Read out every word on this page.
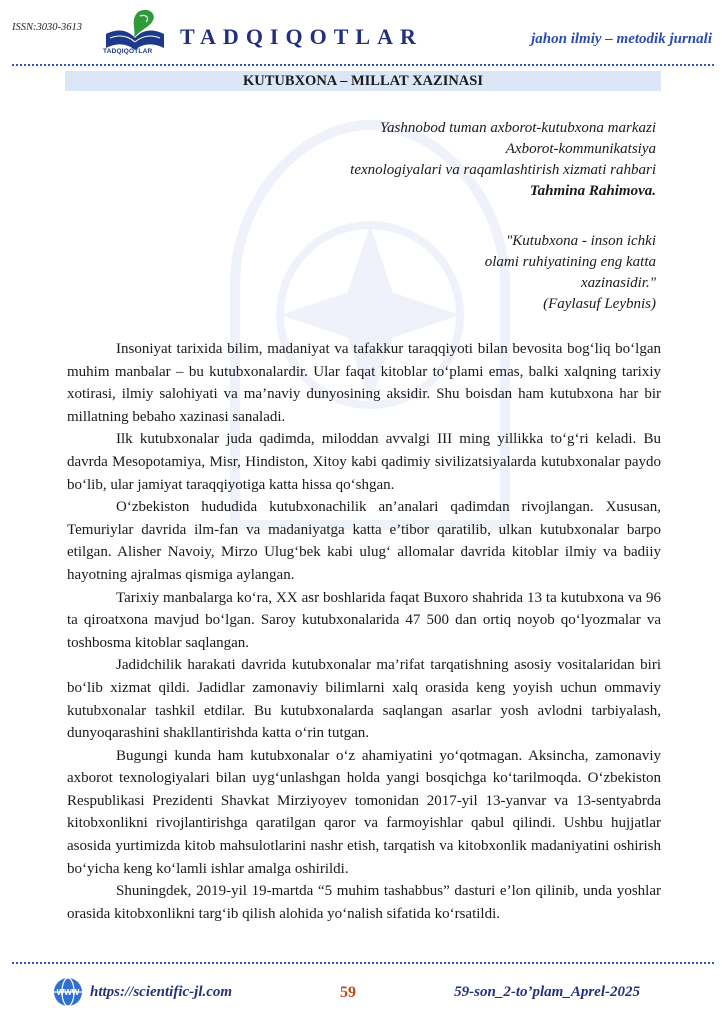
ISSN:3030-3613
TADQIQOTLAR
TADQIQOTLAR	jahon ilmiy – metodik jurnali
KUTUBXONA – MILLAT XAZINASI
Yashnobod tuman axborot-kutubxona markazi
Axborot-kommunikatsiya
texnologiyalari va raqamlashtirish xizmati rahbari
Tahmina Rahimova.
"Kutubxona - inson ichki
olami ruhiyatining eng katta
xazinasidir."
(Faylasuf Leybnis)

Insoniyat tarixida bilim, madaniyat va tafakkur taraqqiyoti bilan bevosita bog‘liq bo‘lgan muhim manbalar – bu kutubxonalardir. Ular faqat kitoblar to‘plami emas, balki xalqning tarixiy xotirasi, ilmiy salohiyati va ma’naviy dunyosining aksidir. Shu boisdan ham kutubxona har bir millatning bebaho xazinasi sanaladi.

Ilk kutubxonalar juda qadimda, miloddan avvalgi III ming yillikka to‘g‘ri keladi. Bu davrda Mesopotamiya, Misr, Hindiston, Xitoy kabi qadimiy sivilizatsiyalarda kutubxonalar paydo bo‘lib, ular jamiyat taraqqiyotiga katta hissa qo‘shgan.

O‘zbekiston hududida kutubxonachilik an’analari qadimdan rivojlangan. Xususan, Temuriylar davrida ilm-fan va madaniyatga katta e’tibor qaratilib, ulkan kutubxonalar barpo etilgan. Alisher Navoiy, Mirzo Ulug‘bek kabi ulug‘ allomalar davrida kitoblar ilmiy va badiiy hayotning ajralmas qismiga aylangan.

Tarixiy manbalarga ko‘ra, XX asr boshlarida faqat Buxoro shahrida 13 ta kutubxona va 96 ta qiroatxona mavjud bo‘lgan. Saroy kutubxonalarida 47 500 dan ortiq noyob qo‘lyozmalar va toshbosma kitoblar saqlangan.

Jadidchilik harakati davrida kutubxonalar ma’rifat tarqatishning asosiy vositalaridan biri bo‘lib xizmat qildi. Jadidlar zamonaviy bilimlarni xalq orasida keng yoyish uchun ommaviy kutubxonalar tashkil etdilar. Bu kutubxonalarda saqlangan asarlar yosh avlodni tarbiyalash, dunyoqarashini shakllantirishda katta o‘rin tutgan.

Bugungi kunda ham kutubxonalar o‘z ahamiyatini yo‘qotmagan. Aksincha, zamonaviy axborot texnologiyalari bilan uyg‘unlashgan holda yangi bosqichga ko‘tarilmoqda. O‘zbekiston Respublikasi Prezidenti Shavkat Mirziyoyev tomonidan 2017-yil 13-yanvar va 13-sentyabrda kitobxonlikni rivojlantirishga qaratilgan qaror va farmoyishlar qabul qilindi. Ushbu hujjatlar asosida yurtimizda kitob mahsulotlarini nashr etish, tarqatish va kitobxonlik madaniyatini oshirish bo‘yicha keng ko‘lamli ishlar amalga oshirildi.

Shuningdek, 2019-yil 19-martda “5 muhim tashabbus” dasturi e’lon qilinib, unda yoshlar orasida kitobxonlikni targ‘ib qilish alohida yo‘nalish sifatida ko‘rsatildi.

WWW https://scientific-jl.com	59	59-son_2-to’plam_Aprel-2025
